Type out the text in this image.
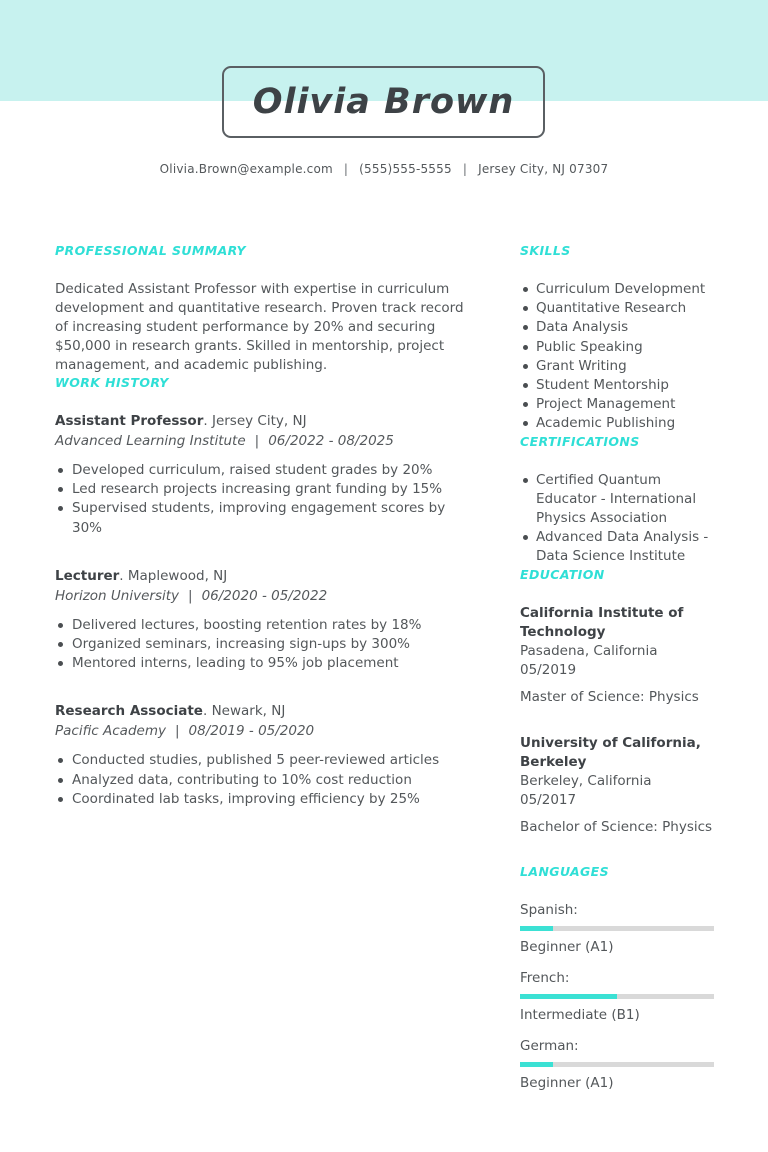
Olivia Brown
Olivia.Brown@example.com | (555)555-5555 | Jersey City, NJ 07307
PROFESSIONAL SUMMARY

Dedicated Assistant Professor with expertise in curriculum development and quantitative research. Proven track record of increasing student performance by 20% and securing $50,000 in research grants. Skilled in mentorship, project management, and academic publishing.

WORK HISTORY

Assistant Professor. Jersey City, NJ

Advanced Learning Institute | 06/2022 - 08/2025

Developed curriculum, raised student grades by 20%
Led research projects increasing grant funding by 15%
Supervised students, improving engagement scores by 30%

Lecturer. Maplewood, NJ

Horizon University | 06/2020 - 05/2022

Delivered lectures, boosting retention rates by 18%
Organized seminars, increasing sign-ups by 300%
Mentored interns, leading to 95% job placement

Research Associate. Newark, NJ

Pacific Academy | 08/2019 - 05/2020

Conducted studies, published 5 peer-reviewed articles
Analyzed data, contributing to 10% cost reduction
Coordinated lab tasks, improving efficiency by 25%
SKILLS
Curriculum Development
Quantitative Research
Data Analysis
Public Speaking
Grant Writing
Student Mentorship
Project Management
Academic Publishing
CERTIFICATIONS
Certified Quantum Educator - International Physics Association
Advanced Data Analysis - Data Science Institute
EDUCATION

California Institute of Technology

Pasadena, California

05/2019

Master of Science: Physics

University of California, Berkeley

Berkeley, California

05/2017

Bachelor of Science: Physics

LANGUAGES

Spanish:

Beginner (A1)

French:

Intermediate (B1)

German:

Beginner (A1)
